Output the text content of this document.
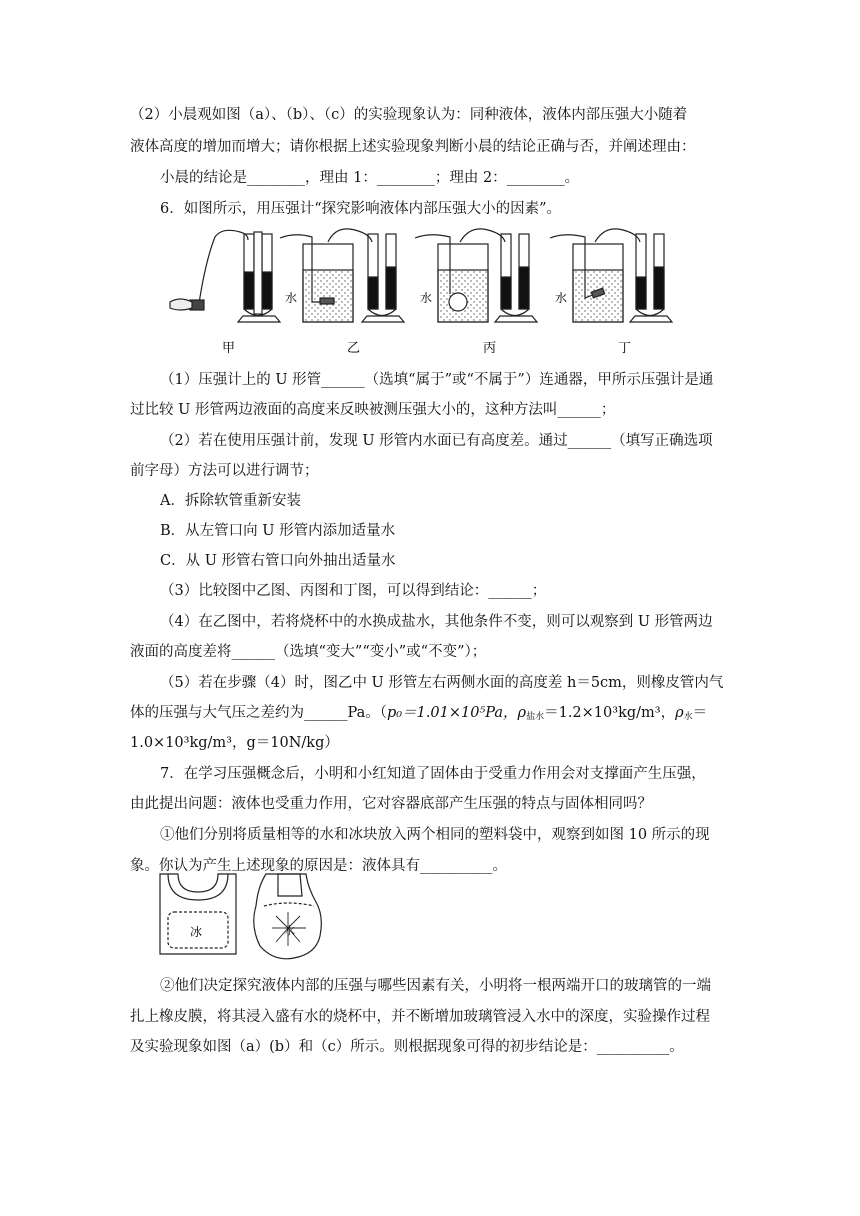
（2）小晨观如图（a）、（b）、（c）的实验现象认为：同种液体，液体内部压强大小随着
液体高度的增加而增大；请你根据上述实验现象判断小晨的结论正确与否，并阐述理由：
小晨的结论是________，理由 1：________；理由 2：________。
6．如图所示，用压强计“探究影响液体内部压强大小的因素”。
水	水	水
甲	乙	丙	丁
（1）压强计上的 U 形管______（选填“属于”或“不属于”）连通器，甲所示压强计是通
过比较 U 形管两边液面的高度来反映被测压强大小的，这种方法叫______；
（2）若在使用压强计前，发现 U 形管内水面已有高度差。通过______（填写正确选项
前字母）方法可以进行调节；
A．拆除软管重新安装
B．从左管口向 U 形管内添加适量水
C．从 U 形管右管口向外抽出适量水
（3）比较图中乙图、丙图和丁图，可以得到结论：______；
（4）在乙图中，若将烧杯中的水换成盐水，其他条件不变，则可以观察到 U 形管两边
液面的高度差将______（选填“变大”“变小”或“不变”）；
（5）若在步骤（4）时，图乙中 U 形管左右两侧水面的高度差 h＝5cm，则橡皮管内气
体的压强与大气压之差约为______Pa。（p₀＝1.01×10⁵Pa，ρ盐水＝1.2×10³kg/m³，ρ水＝
1.0×10³kg/m³，g＝10N/kg）
7．在学习压强概念后，小明和小红知道了固体由于受重力作用会对支撑面产生压强，
由此提出问题：液体也受重力作用，它对容器底部产生压强的特点与固体相同吗？
①他们分别将质量相等的水和冰块放入两个相同的塑料袋中，观察到如图 10 所示的现
象。你认为产生上述现象的原因是：液体具有__________。
冰	水
②他们决定探究液体内部的压强与哪些因素有关，小明将一根两端开口的玻璃管的一端
扎上橡皮膜，将其浸入盛有水的烧杯中，并不断增加玻璃管浸入水中的深度，实验操作过程
及实验现象如图（a）(b）和（c）所示。则根据现象可得的初步结论是：__________。
